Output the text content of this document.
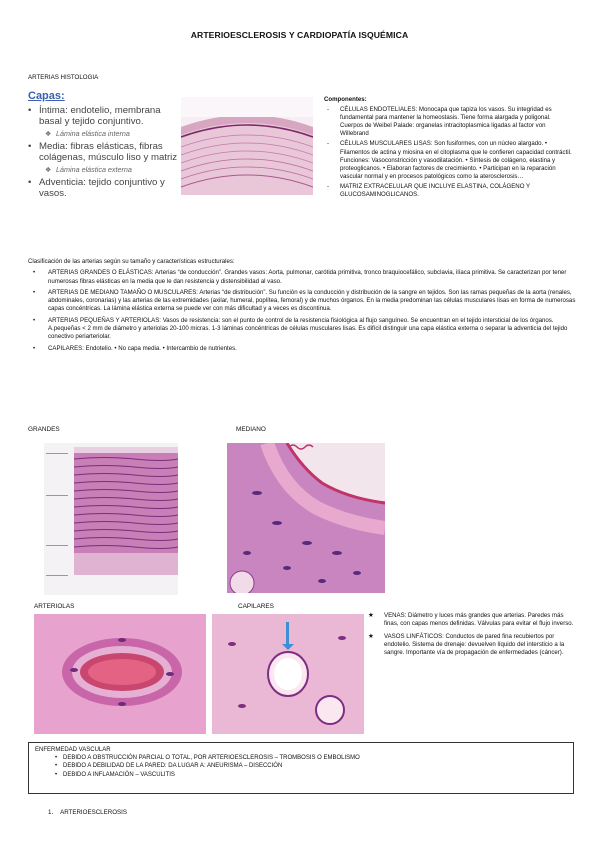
ARTERIOESCLEROSIS Y CARDIOPATÍA ISQUÉMICA
ARTERIAS HISTOLOGIA
Capas:
• Íntima: endotelio, membrana basal y tejido conjuntivo.
❖ Lámina elástica interna
• Media: fibras elásticas, fibras colágenas, músculo liso y matriz
❖ Lámina elástica externa
• Adventicia: tejido conjuntivo y vasos.
Componentes:
- CÉLULAS ENDOTELIALES: Monocapa que tapiza los vasos. Su integridad es fundamental para mantener la homeostasis. Tiene forma alargada y poligonal. Cuerpos de Weibel Palade: organelas intracitoplasmica ligadas al factor von Willebrand
- CÉLULAS MUSCULARES LISAS: Son fusiformes, con un núcleo alargado. • Filamentos de actina y miosina en el citoplasma que le confieren capacidad contráctil. Funciones: Vasoconstricción y vasodilatación. • Síntesis de colágeno, elastina y proteoglicanos. • Elaboran factores de crecimiento. • Participan en la reparación vascular normal y en procesos patológicos como la aterosclerosis…
- MATRIZ EXTRACELULAR QUE INCLUYE ELASTINA, COLÁGENO Y GLUCOSAMINOGLICANOS.
Clasificación de las arterias según su tamaño y características estructurales:
• ARTERIAS GRANDES O ELÁSTICAS: Arterias “de conducción”. Grandes vasos: Aorta, pulmonar, carótida primitiva, tronco braquiocefálico, subclavia, ilíaca primitiva. Se caracterizan por tener numerosas fibras elásticas en la media que le dan resistencia y distensibilidad al vaso.
• ARTERIAS DE MEDIANO TAMAÑO O MUSCULARES: Arterias “de distribución”. Su función es la conducción y distribución de la sangre en tejidos. Son las ramas pequeñas de la aorta (renales, abdominales, coronarias) y las arterias de las extremidades (axilar, humeral, poplítea, femoral) y de muchos órganos. En la media predominan las células musculares lisas en forma de numerosas capas concéntricas. La lámina elástica externa se puede ver con más dificultad y a veces es discontinua.
• ARTERIAS PEQUEÑAS Y ARTERIOLAS: Vasos de resistencia: son el punto de control de la resistencia fisiológica al flujo sanguíneo. Se encuentran en el tejido intersticial de los órganos. A.pequeñas < 2 mm de diámetro y arteriolas 20-100 micras. 1-3 láminas concéntricas de células musculares lisas. Es difícil distinguir una capa elástica externa o separar la adventicia del tejido conectivo periarteriolar.
• CAPILARES: Endotelio. • No capa media. • Intercambio de nutrientes.
GRANDES	MEDIANO
ARTERIOLAS	CAPILARES
★ VENAS: Diámetro y luces más grandes que arterias. Paredes más finas, con capas menos definidas. Válvulas para evitar el flujo inverso.
★ VASOS LINFÁTICOS: Conductos de pared fina recubiertos por endotelio. Sistema de drenaje: devuelven líquido del intersticio a la sangre. Importante vía de propagación de enfermedades (cáncer).
ENFERMEDAD VASCULAR
• DEBIDO A OBSTRUCCIÓN PARCIAL O TOTAL, POR ARTERIOESCLEROSIS – TROMBOSIS O EMBOLISMO
• DEBIDO A DEBILIDAD DE LA PARED: DA LUGAR A: ANEURISMA – DISECCIÓN
• DEBIDO A INFLAMACIÓN – VASCULITIS
1. ARTERIOESCLEROSIS
